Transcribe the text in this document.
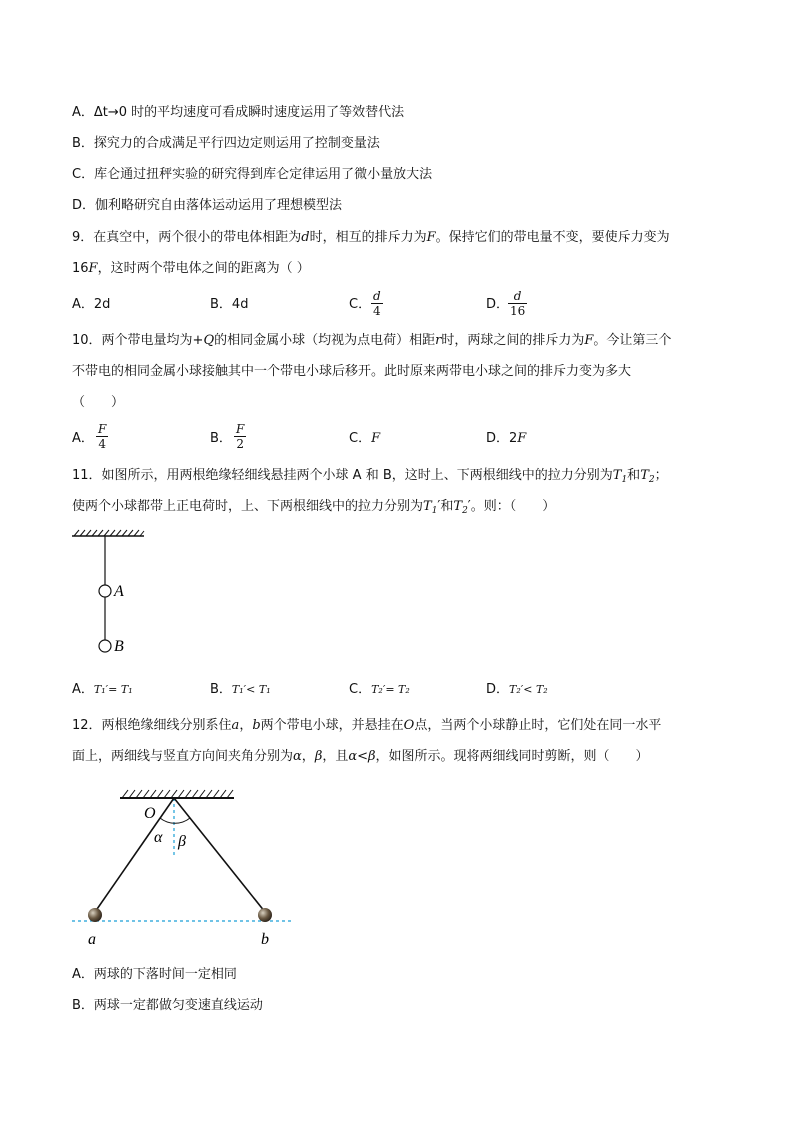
A．Δt→0 时的平均速度可看成瞬时速度运用了等效替代法
B．探究力的合成满足平行四边定则运用了控制变量法
C．库仑通过扭秤实验的研究得到库仑定律运用了微小量放大法
D．伽利略研究自由落体运动运用了理想模型法
9．在真空中，两个很小的带电体相距为d时，相互的排斥力为F。保持它们的带电量不变，要使斥力变为
16F，这时两个带电体之间的距离为（ ）
A．2d	B．4d	C．
d
4	D．
d
16
10．两个带电量均为+Q的相同金属小球（均视为点电荷）相距r时，两球之间的排斥力为F。今让第三个
不带电的相同金属小球接触其中一个带电小球后移开。此时原来两带电小球之间的排斥力变为多大
（　　）
A．
F
4	B．
F
2	C．F	D．2F
11．如图所示，用两根绝缘轻细线悬挂两个小球 A 和 B，这时上、下两根细线中的拉力分别为$T_1$和$T_2$；
使两个小球都带上正电荷时，上、下两根细线中的拉力分别为$T_1'$和$T_2'$。则：（　　）
A
B
A．T₁′= T₁	B．T₁′< T₁	C．T₂′= T₂	D．T₂′< T₂
12．两根绝缘细线分别系住a，b两个带电小球，并悬挂在O点，当两个小球静止时，它们处在同一水平
面上，两细线与竖直方向间夹角分别为α，β，且α<β，如图所示。现将两细线同时剪断，则（　　）
O
α β
a	b
A．两球的下落时间一定相同
B．两球一定都做匀变速直线运动
